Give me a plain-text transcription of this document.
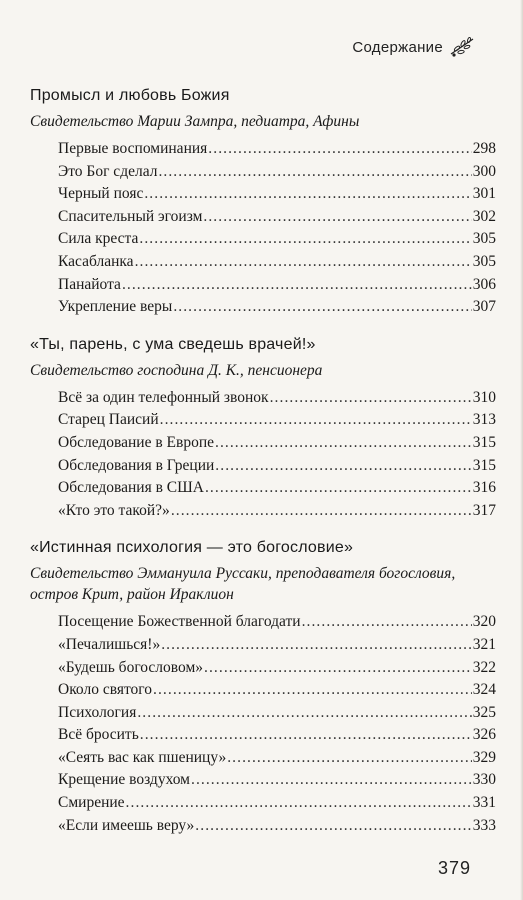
Содержание

Промысл и любовь Божия

Свидетельство Марии Зампра, педиатра, Афины

Первые воспоминания . . .	298
Это Бог сделал . . .	300
Черный пояс . . .	301
Спасительный эгоизм . . .	302
Сила креста . . .	305
Касабланка . . .	305
Панайота . . .	306
Укрепление веры . . .	307

«Ты, парень, с ума сведешь врачей!»

Свидетельство господина Д. К., пенсионера

Всё за один телефонный звонок . . .	310
Старец Паисий . . .	313
Обследование в Европе . . .	315
Обследования в Греции . . .	315
Обследования в США . . .	316
«Кто это такой?» . . .	317

«Истинная психология — это богословие»

Свидетельство Эммануила Руссаки, преподавателя богословия, остров Крит, район Ираклион

Посещение Божественной благодати . . .	320
«Печалишься!» . . .	321
«Будешь богословом» . . .	322
Около святого . . .	324
Психология . . .	325
Всё бросить . . .	326
«Сеять вас как пшеницу» . . .	329
Крещение воздухом . . .	330
Смирение . . .	331
«Если имеешь веру» . . .	333
379
